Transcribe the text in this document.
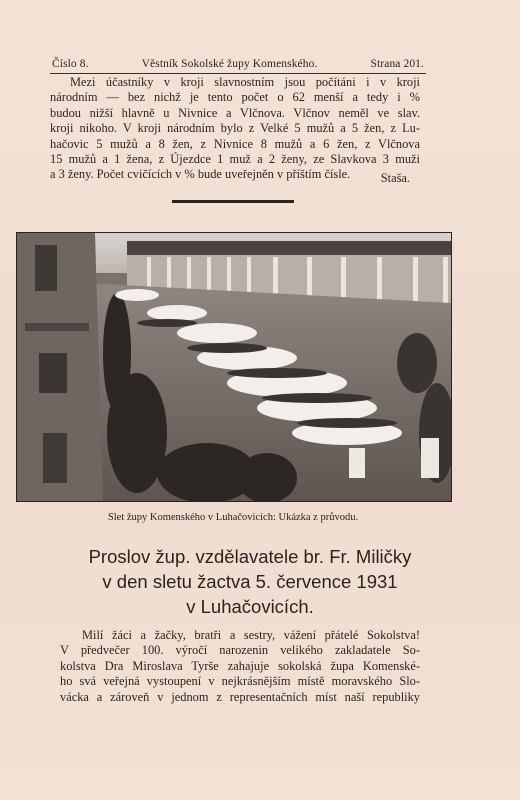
Číslo 8.	Věstník Sokolské župy Komenského.	Strana 201.
Mezi účastníky v kroji slavnostním jsou počítáni i v kroji
národním — bez nichž je tento počet o 62 menší a tedy i %
budou nižší hlavně u Nivnice a Vlčnova. Vlčnov neměl ve slav.
kroji nikoho. V kroji národním bylo z Velké 5 mužů a 5 žen, z Lu-
hačovic 5 mužů a 8 žen, z Nivnice 8 mužů a 6 žen, z Vlčnova
15 mužů a 1 žena, z Újezdce 1 muž a 2 ženy, ze Slavkova 3 muži
a 3 ženy. Počet cvičících v % bude uveřejněn v příštím čísle.	Staša.
Slet župy Komenského v Luhačovicích: Ukázka z průvodu.
Proslov žup. vzdělavatele br. Fr. Miličky
v den sletu žactva 5. července 1931
v Luhačovicích.
Milí žáci a žačky, bratři a sestry, vážení přátelé Sokolstva!
V předvečer 100. výročí narozenin velikého zakladatele So-
kolstva Dra Miroslava Tyrše zahajuje sokolská župa Komenské-
ho svá veřejná vystoupení v nejkrásnějším místě moravského Slo-
vácka a zároveň v jednom z representačních míst naší republiky
